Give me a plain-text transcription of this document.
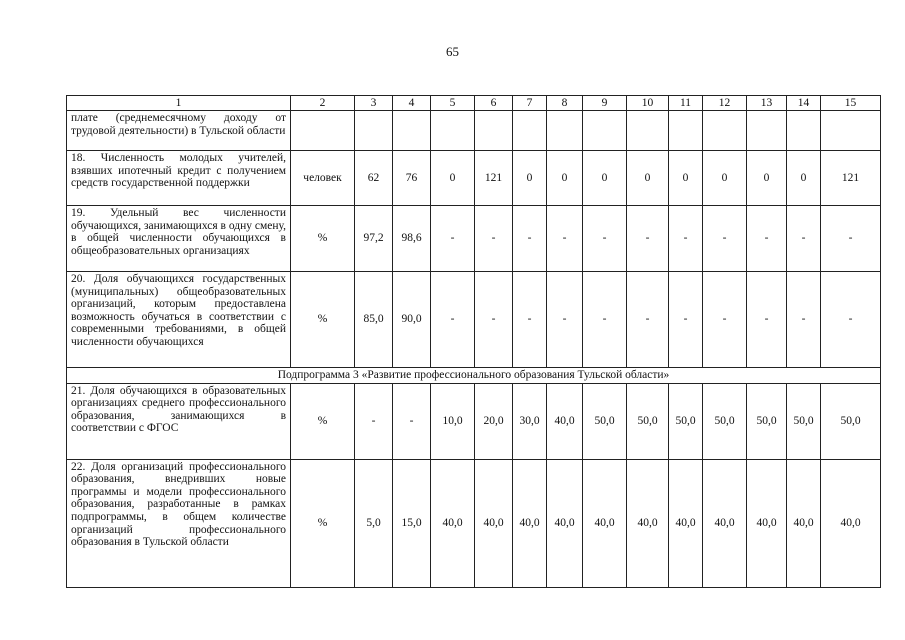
65
1	2	3	4	5	6	7	8	9	10	11	12	13	14	15
плате (среднемесячному доходу от трудовой деятельности) в Тульской области														
18. Численность молодых учителей, взявших ипотечный кредит с получением средств государственной поддержки	человек	62	76	0	121	0	0	0	0	0	0	0	0	121
19. Удельный вес численности обучающихся, занимающихся в одну смену, в общей численности обучающихся в общеобразовательных организациях	%	97,2	98,6	-	-	-	-	-	-	-	-	-	-	-
20. Доля обучающихся государственных (муниципальных) общеобразовательных организаций, которым предоставлена возможность обучаться в соответствии с современными требованиями, в общей численности обучающихся	%	85,0	90,0	-	-	-	-	-	-	-	-	-	-	-
Подпрограмма 3 «Развитие профессионального образования Тульской области»														
21. Доля обучающихся в образовательных организациях среднего профессионального образования, занимающихся в соответствии с ФГОС	%	-	-	10,0	20,0	30,0	40,0	50,0	50,0	50,0	50,0	50,0	50,0	50,0
22. Доля организаций профессионального образования, внедривших новые программы и модели профессионального образования, разработанные в рамках подпрограммы, в общем количестве организаций профессионального образования в Тульской области	%	5,0	15,0	40,0	40,0	40,0	40,0	40,0	40,0	40,0	40,0	40,0	40,0	40,0
